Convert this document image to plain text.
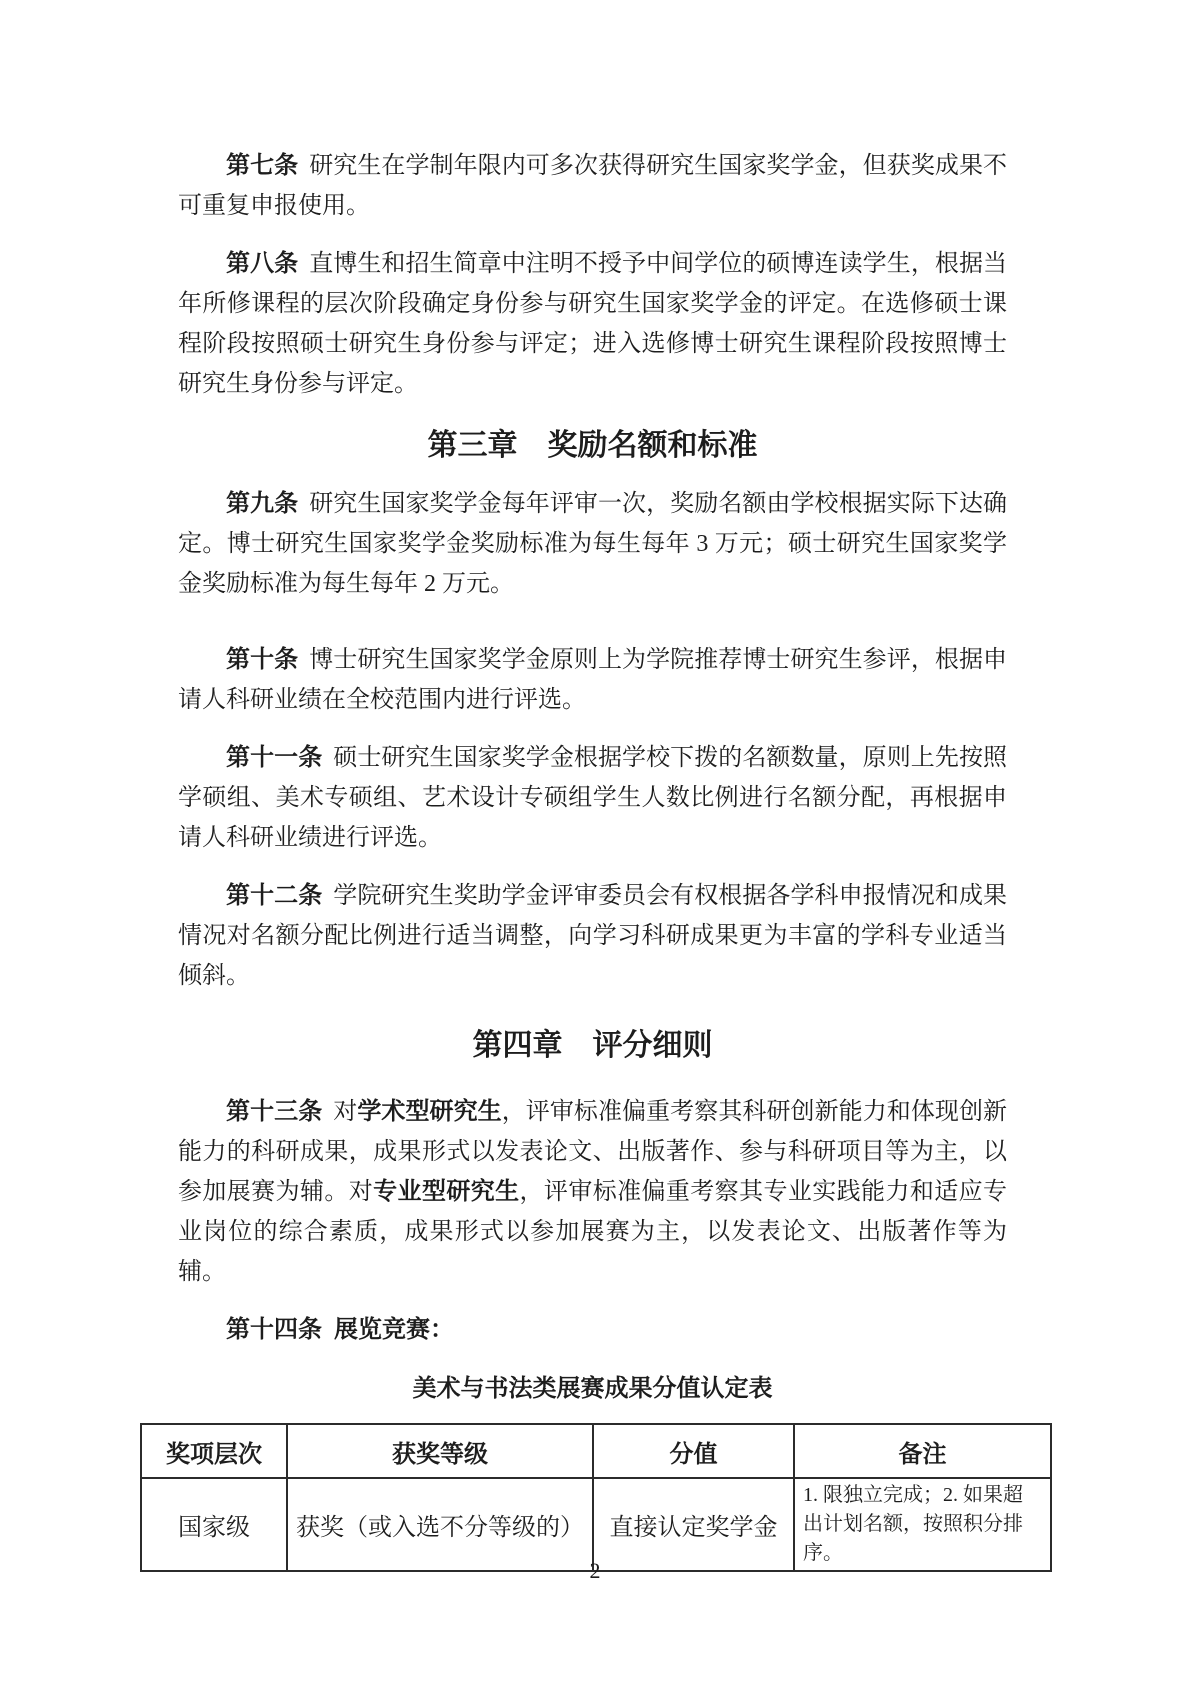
第七条 研究生在学制年限内可多次获得研究生国家奖学金，但获奖成果不可重复申报使用。

第八条 直博生和招生简章中注明不授予中间学位的硕博连读学生，根据当年所修课程的层次阶段确定身份参与研究生国家奖学金的评定。在选修硕士课程阶段按照硕士研究生身份参与评定；进入选修博士研究生课程阶段按照博士研究生身份参与评定。

第三章　奖励名额和标准

第九条 研究生国家奖学金每年评审一次，奖励名额由学校根据实际下达确定。博士研究生国家奖学金奖励标准为每生每年 3 万元；硕士研究生国家奖学金奖励标准为每生每年 2 万元。

第十条 博士研究生国家奖学金原则上为学院推荐博士研究生参评，根据申请人科研业绩在全校范围内进行评选。

第十一条 硕士研究生国家奖学金根据学校下拨的名额数量，原则上先按照学硕组、美术专硕组、艺术设计专硕组学生人数比例进行名额分配，再根据申请人科研业绩进行评选。

第十二条 学院研究生奖助学金评审委员会有权根据各学科申报情况和成果情况对名额分配比例进行适当调整，向学习科研成果更为丰富的学科专业适当倾斜。

第四章　评分细则

第十三条 对学术型研究生，评审标准偏重考察其科研创新能力和体现创新能力的科研成果，成果形式以发表论文、出版著作、参与科研项目等为主，以参加展赛为辅。对专业型研究生，评审标准偏重考察其专业实践能力和适应专业岗位的综合素质，成果形式以参加展赛为主，以发表论文、出版著作等为辅。

第十四条 展览竞赛：

美术与书法类展赛成果分值认定表
奖项层次	获奖等级	分值	备注
国家级	获奖（或入选不分等级的）	直接认定奖学金	1. 限独立完成；2. 如果超出计划名额，按照积分排序。
2
